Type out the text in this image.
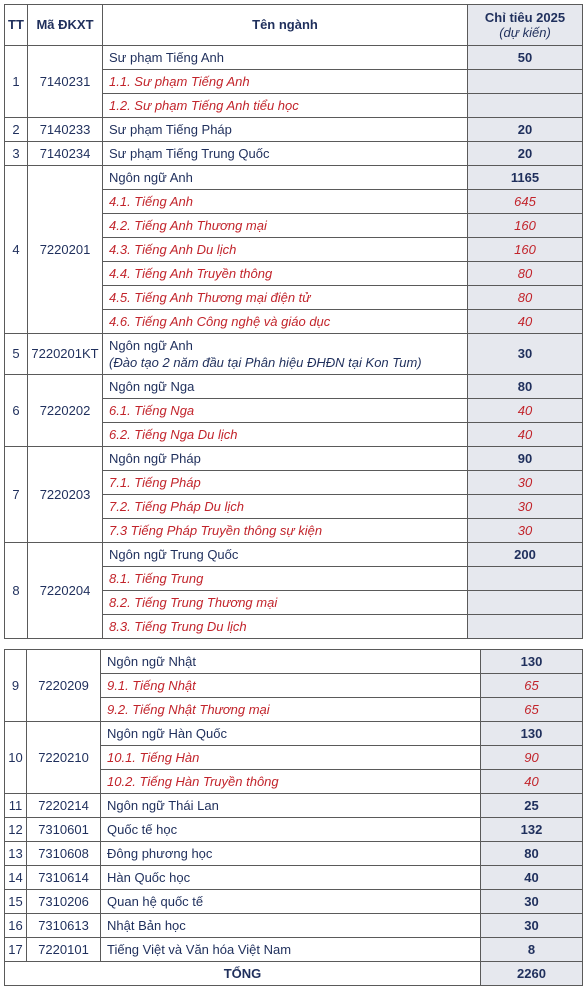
TT	Mã ĐKXT	Tên ngành	Chỉ tiêu 2025
(dự kiến)

1	7140231	Sư phạm Tiếng Anh	50
		1.1. Sư phạm Tiếng Anh	
		1.2. Sư phạm Tiếng Anh tiểu học	
2	7140233	Sư phạm Tiếng Pháp	20
3	7140234	Sư phạm Tiếng Trung Quốc	20
4	7220201	Ngôn ngữ Anh	1165
		4.1. Tiếng Anh	645
		4.2. Tiếng Anh Thương mại	160
		4.3. Tiếng Anh Du lịch	160
		4.4. Tiếng Anh Truyền thông	80
		4.5. Tiếng Anh Thương mại điện tử	80
		4.6. Tiếng Anh Công nghệ và giáo dục	40
5	7220201KT	Ngôn ngữ Anh
(Đào tạo 2 năm đầu tại Phân hiệu ĐHĐN tại Kon Tum)	30
6	7220202	Ngôn ngữ Nga	80
		6.1. Tiếng Nga	40
		6.2. Tiếng Nga Du lịch	40
7	7220203	Ngôn ngữ Pháp	90
		7.1. Tiếng Pháp	30
		7.2. Tiếng Pháp Du lịch	30
		7.3 Tiếng Pháp Truyền thông sự kiện	30
8	7220204	Ngôn ngữ Trung Quốc	200
		8.1. Tiếng Trung	
		8.2. Tiếng Trung Thương mại	
		8.3. Tiếng Trung Du lịch	
9	7220209	Ngôn ngữ Nhật	130
		9.1. Tiếng Nhật	65
		9.2. Tiếng Nhật Thương mại	65
10	7220210	Ngôn ngữ Hàn Quốc	130
		10.1. Tiếng Hàn	90
		10.2. Tiếng Hàn Truyền thông	40
11	7220214	Ngôn ngữ Thái Lan	25
12	7310601	Quốc tế học	132
13	7310608	Đông phương học	80
14	7310614	Hàn Quốc học	40
15	7310206	Quan hệ quốc tế	30
16	7310613	Nhật Bản học	30
17	7220101	Tiếng Việt và Văn hóa Việt Nam	8
TỔNG			2260
